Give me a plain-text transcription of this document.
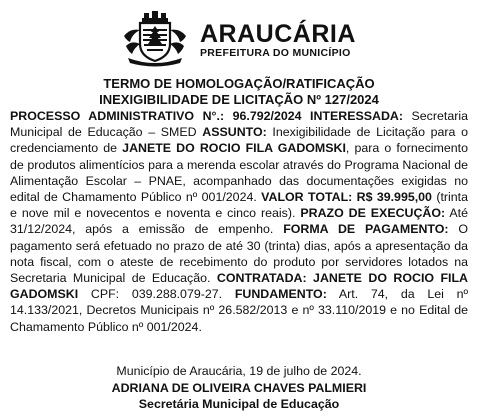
ARAUCÁRIA
PREFEITURA DO MUNICÍPIO
TERMO DE HOMOLOGAÇÃO/RATIFICAÇÃO
INEXIGIBILIDADE DE LICITAÇÃO Nº 127/2024
PROCESSO ADMINISTRATIVO N°.: 96.792/2024 INTERESSADA: Secretaria Municipal de Educação – SMED ASSUNTO: Inexigibilidade de Licitação para o credenciamento de JANETE DO ROCIO FILA GADOMSKI, para o fornecimento de produtos alimentícios para a merenda escolar através do Programa Nacional de Alimentação Escolar – PNAE, acompanhado das documentações exigidas no edital de Chamamento Público nº 001/2024. VALOR TOTAL: R$ 39.995,00 (trinta e nove mil e novecentos e noventa e cinco reais). PRAZO DE EXECUÇÃO: Até 31/12/2024, após a emissão de empenho. FORMA DE PAGAMENTO: O pagamento será efetuado no prazo de até 30 (trinta) dias, após a apresentação da nota fiscal, com o ateste de recebimento do produto por servidores lotados na Secretaria Municipal de Educação. CONTRATADA: JANETE DO ROCIO FILA GADOMSKI CPF: 039.288.079-27. FUNDAMENTO: Art. 74, da Lei nº 14.133/2021, Decretos Municipais nº 26.582/2013 e nº 33.110/2019 e no Edital de Chamamento Público nº 001/2024.
Município de Araucária, 19 de julho de 2024.
ADRIANA DE OLIVEIRA CHAVES PALMIERI
Secretária Municipal de Educação
